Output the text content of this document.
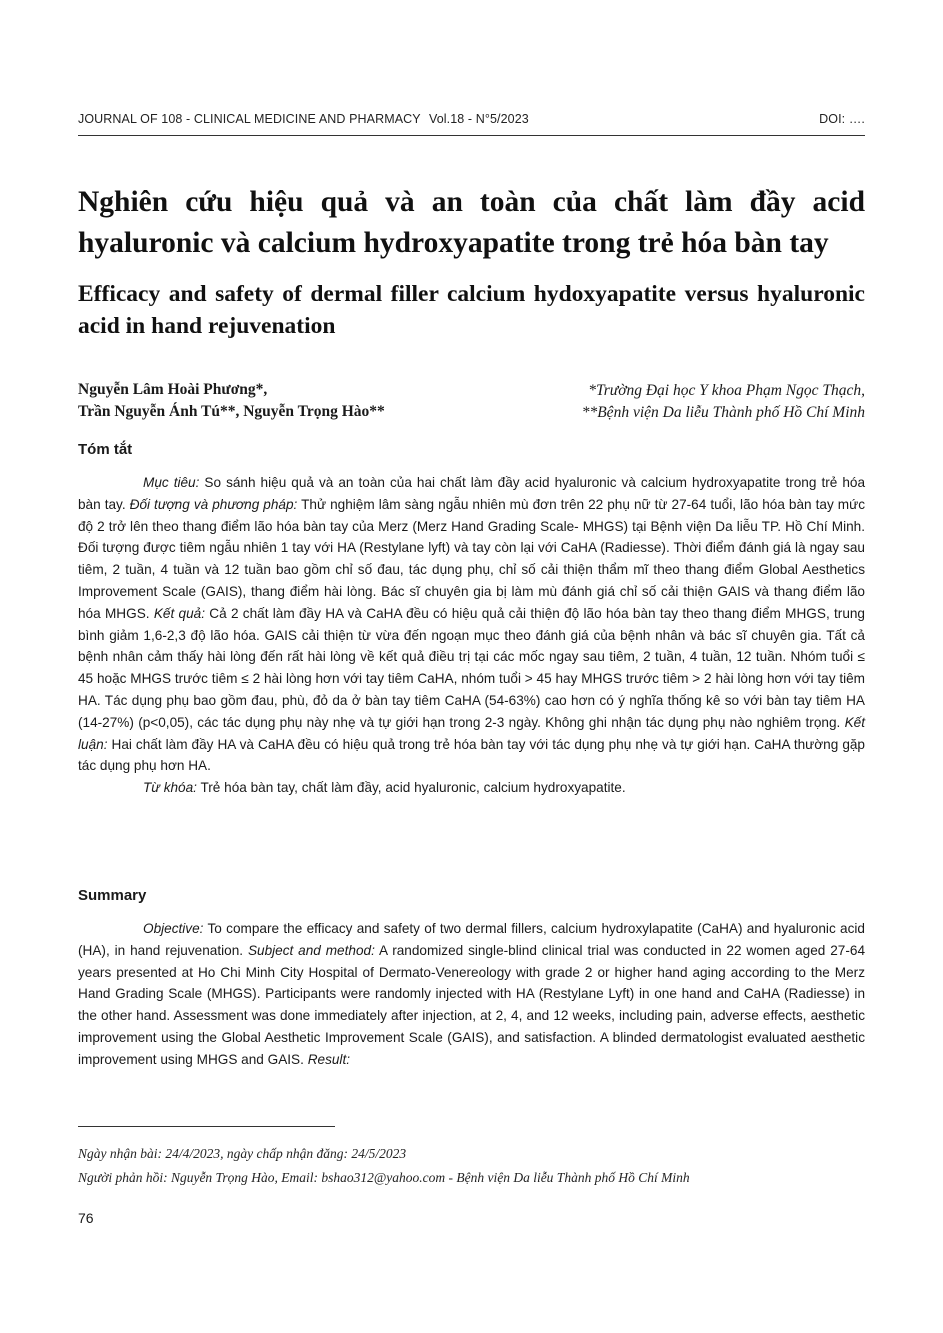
JOURNAL OF 108 - CLINICAL MEDICINE AND PHARMACY Vol.18 - N°5/2023	DOI: ….
Nghiên cứu hiệu quả và an toàn của chất làm đầy acid hyaluronic và calcium hydroxyapatite trong trẻ hóa bàn tay
Efficacy and safety of dermal filler calcium hydoxyapatite versus hyaluronic acid in hand rejuvenation
Nguyễn Lâm Hoài Phương*,
Trần Nguyễn Ánh Tú**, Nguyễn Trọng Hào**
*Trường Đại học Y khoa Phạm Ngọc Thạch,
**Bệnh viện Da liễu Thành phố Hồ Chí Minh
Tóm tắt

Mục tiêu: So sánh hiệu quả và an toàn của hai chất làm đầy acid hyaluronic và calcium hydroxyapatite trong trẻ hóa bàn tay. Đối tượng và phương pháp: Thử nghiệm lâm sàng ngẫu nhiên mù đơn trên 22 phụ nữ từ 27-64 tuổi, lão hóa bàn tay mức độ 2 trở lên theo thang điểm lão hóa bàn tay của Merz (Merz Hand Grading Scale- MHGS) tại Bệnh viện Da liễu TP. Hồ Chí Minh. Đối tượng được tiêm ngẫu nhiên 1 tay với HA (Restylane lyft) và tay còn lại với CaHA (Radiesse). Thời điểm đánh giá là ngay sau tiêm, 2 tuần, 4 tuần và 12 tuần bao gồm chỉ số đau, tác dụng phụ, chỉ số cải thiện thẩm mĩ theo thang điểm Global Aesthetics Improvement Scale (GAIS), thang điểm hài lòng. Bác sĩ chuyên gia bị làm mù đánh giá chỉ số cải thiện GAIS và thang điểm lão hóa MHGS. Kết quả: Cả 2 chất làm đầy HA và CaHA đều có hiệu quả cải thiện độ lão hóa bàn tay theo thang điểm MHGS, trung bình giảm 1,6-2,3 độ lão hóa. GAIS cải thiện từ vừa đến ngoạn mục theo đánh giá của bệnh nhân và bác sĩ chuyên gia. Tất cả bệnh nhân cảm thấy hài lòng đến rất hài lòng về kết quả điều trị tại các mốc ngay sau tiêm, 2 tuần, 4 tuần, 12 tuần. Nhóm tuổi ≤ 45 hoặc MHGS trước tiêm ≤ 2 hài lòng hơn với tay tiêm CaHA, nhóm tuổi > 45 hay MHGS trước tiêm > 2 hài lòng hơn với tay tiêm HA. Tác dụng phụ bao gồm đau, phù, đỏ da ở bàn tay tiêm CaHA (54-63%) cao hơn có ý nghĩa thống kê so với bàn tay tiêm HA (14-27%) (p<0,05), các tác dụng phụ này nhẹ và tự giới hạn trong 2-3 ngày. Không ghi nhận tác dụng phụ nào nghiêm trọng. Kết luận: Hai chất làm đầy HA và CaHA đều có hiệu quả trong trẻ hóa bàn tay với tác dụng phụ nhẹ và tự giới hạn. CaHA thường gặp tác dụng phụ hơn HA.

Từ khóa: Trẻ hóa bàn tay, chất làm đầy, acid hyaluronic, calcium hydroxyapatite.

Summary

Objective: To compare the efficacy and safety of two dermal fillers, calcium hydroxylapatite (CaHA) and hyaluronic acid (HA), in hand rejuvenation. Subject and method: A randomized single-blind clinical trial was conducted in 22 women aged 27-64 years presented at Ho Chi Minh City Hospital of Dermato-Venereology with grade 2 or higher hand aging according to the Merz Hand Grading Scale (MHGS). Participants were randomly injected with HA (Restylane Lyft) in one hand and CaHA (Radiesse) in the other hand. Assessment was done immediately after injection, at 2, 4, and 12 weeks, including pain, adverse effects, aesthetic improvement using the Global Aesthetic Improvement Scale (GAIS), and satisfaction. A blinded dermatologist evaluated aesthetic improvement using MHGS and GAIS. Result:

Ngày nhận bài: 24/4/2023, ngày chấp nhận đăng: 24/5/2023
Người phản hồi: Nguyễn Trọng Hào, Email: bshao312@yahoo.com - Bệnh viện Da liễu Thành phố Hồ Chí Minh
76
